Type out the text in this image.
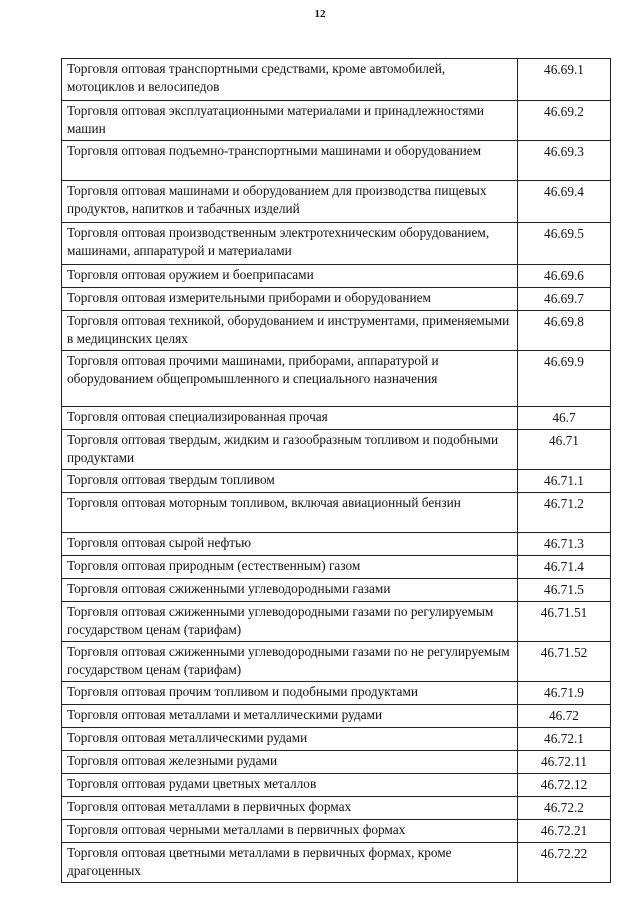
12
Торговля оптовая транспортными средствами, кроме автомобилей, мотоциклов и велосипедов	46.69.1
Торговля оптовая эксплуатационными материалами и принадлежностями машин	46.69.2
Торговля оптовая подъемно-транспортными машинами и оборудованием	46.69.3
Торговля оптовая машинами и оборудованием для производства пищевых продуктов, напитков и табачных изделий	46.69.4
Торговля оптовая производственным электротехническим оборудованием, машинами, аппаратурой и материалами	46.69.5
Торговля оптовая оружием и боеприпасами	46.69.6
Торговля оптовая измерительными приборами и оборудованием	46.69.7
Торговля оптовая техникой, оборудованием и инструментами, применяемыми в медицинских целях	46.69.8
Торговля оптовая прочими машинами, приборами, аппаратурой и оборудованием общепромышленного и специального назначения	46.69.9
Торговля оптовая специализированная прочая	46.7
Торговля оптовая твердым, жидким и газообразным топливом и подобными продуктами	46.71
Торговля оптовая твердым топливом	46.71.1
Торговля оптовая моторным топливом, включая авиационный бензин	46.71.2
Торговля оптовая сырой нефтью	46.71.3
Торговля оптовая природным (естественным) газом	46.71.4
Торговля оптовая сжиженными углеводородными газами	46.71.5
Торговля оптовая сжиженными углеводородными газами по регулируемым государством ценам (тарифам)	46.71.51
Торговля оптовая сжиженными углеводородными газами по не регулируемым государством ценам (тарифам)	46.71.52
Торговля оптовая прочим топливом и подобными продуктами	46.71.9
Торговля оптовая металлами и металлическими рудами	46.72
Торговля оптовая металлическими рудами	46.72.1
Торговля оптовая железными рудами	46.72.11
Торговля оптовая рудами цветных металлов	46.72.12
Торговля оптовая металлами в первичных формах	46.72.2
Торговля оптовая черными металлами в первичных формах	46.72.21
Торговля оптовая цветными металлами в первичных формах, кроме драгоценных	46.72.22
